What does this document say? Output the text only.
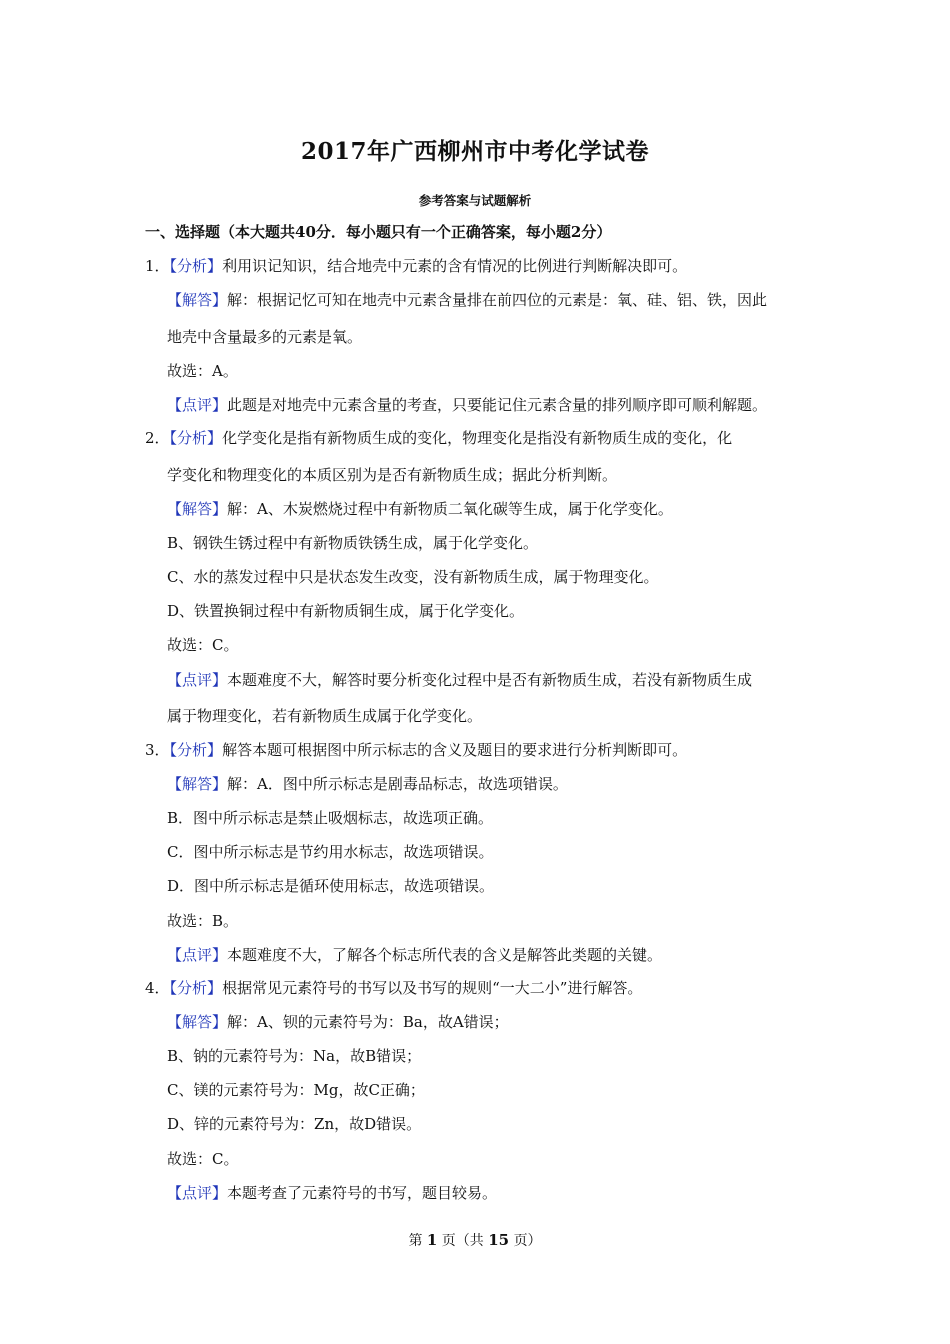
2017年广西柳州市中考化学试卷
参考答案与试题解析
一、选择题（本大题共40分．每小题只有一个正确答案，每小题2分）
1．【分析】利用识记知识，结合地壳中元素的含有情况的比例进行判断解决即可。
【解答】解：根据记忆可知在地壳中元素含量排在前四位的元素是：氧、硅、铝、铁，因此
地壳中含量最多的元素是氧。
故选：A。
【点评】此题是对地壳中元素含量的考查，只要能记住元素含量的排列顺序即可顺利解题。
2．【分析】化学变化是指有新物质生成的变化，物理变化是指没有新物质生成的变化，化
学变化和物理变化的本质区别为是否有新物质生成；据此分析判断。
【解答】解：A、木炭燃烧过程中有新物质二氧化碳等生成，属于化学变化。
B、钢铁生锈过程中有新物质铁锈生成，属于化学变化。
C、水的蒸发过程中只是状态发生改变，没有新物质生成，属于物理变化。
D、铁置换铜过程中有新物质铜生成，属于化学变化。
故选：C。
【点评】本题难度不大，解答时要分析变化过程中是否有新物质生成，若没有新物质生成
属于物理变化，若有新物质生成属于化学变化。
3．【分析】解答本题可根据图中所示标志的含义及题目的要求进行分析判断即可。
【解答】解：A．图中所示标志是剧毒品标志，故选项错误。
B．图中所示标志是禁止吸烟标志，故选项正确。
C．图中所示标志是节约用水标志，故选项错误。
D．图中所示标志是循环使用标志，故选项错误。
故选：B。
【点评】本题难度不大，了解各个标志所代表的含义是解答此类题的关键。
4．【分析】根据常见元素符号的书写以及书写的规则“一大二小”进行解答。
【解答】解：A、钡的元素符号为：Ba，故A错误；
B、钠的元素符号为：Na，故B错误；
C、镁的元素符号为：Mg，故C正确；
D、锌的元素符号为：Zn，故D错误。
故选：C。
【点评】本题考查了元素符号的书写，题目较易。
第 1 页（共 15 页）
